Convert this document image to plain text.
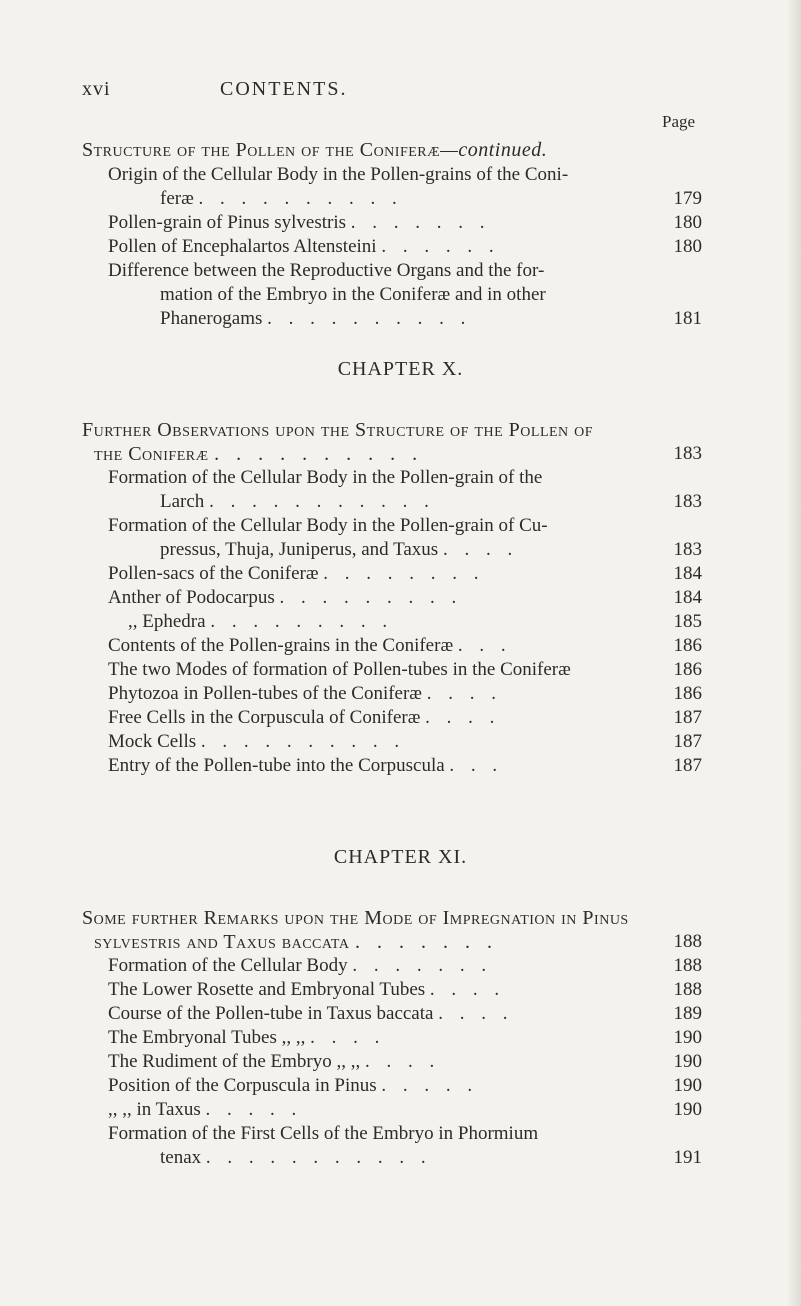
xvi	CONTENTS.
Page
Structure of the Pollen of the Coniferæ—continued.
Origin of the Cellular Body in the Pollen-grains of the Coni-
feræ . . . . . . . . . .	179
Pollen-grain of Pinus sylvestris . . . . . . .	180
Pollen of Encephalartos Altensteini . . . . . .	180
Difference between the Reproductive Organs and the for-
mation of the Embryo in the Coniferæ and in other
Phanerogams . . . . . . . . . .	181
CHAPTER X.
Further Observations upon the Structure of the Pollen of
the Coniferæ . . . . . . . . . .	183
Formation of the Cellular Body in the Pollen-grain of the
Larch . . . . . . . . . . .	183
Formation of the Cellular Body in the Pollen-grain of Cu-
pressus, Thuja, Juniperus, and Taxus . . . .	183
Pollen-sacs of the Coniferæ . . . . . . . .	184
Anther of Podocarpus . . . . . . . . .	184
,, Ephedra . . . . . . . . .	185
Contents of the Pollen-grains in the Coniferæ . . .	186
The two Modes of formation of Pollen-tubes in the Coniferæ	186
Phytozoa in Pollen-tubes of the Coniferæ . . . .	186
Free Cells in the Corpuscula of Coniferæ . . . .	187
Mock Cells . . . . . . . . . .	187
Entry of the Pollen-tube into the Corpuscula . . .	187
CHAPTER XI.
Some further Remarks upon the Mode of Impregnation in Pinus
sylvestris and Taxus baccata . . . . . . .	188
Formation of the Cellular Body . . . . . . .	188
The Lower Rosette and Embryonal Tubes . . . .	188
Course of the Pollen-tube in Taxus baccata . . . .	189
The Embryonal Tubes ,, ,, . . . .	190
The Rudiment of the Embryo ,, ,, . . . .	190
Position of the Corpuscula in Pinus . . . . .	190
,, ,, in Taxus . . . . .	190
Formation of the First Cells of the Embryo in Phormium
tenax . . . . . . . . . . .	191
